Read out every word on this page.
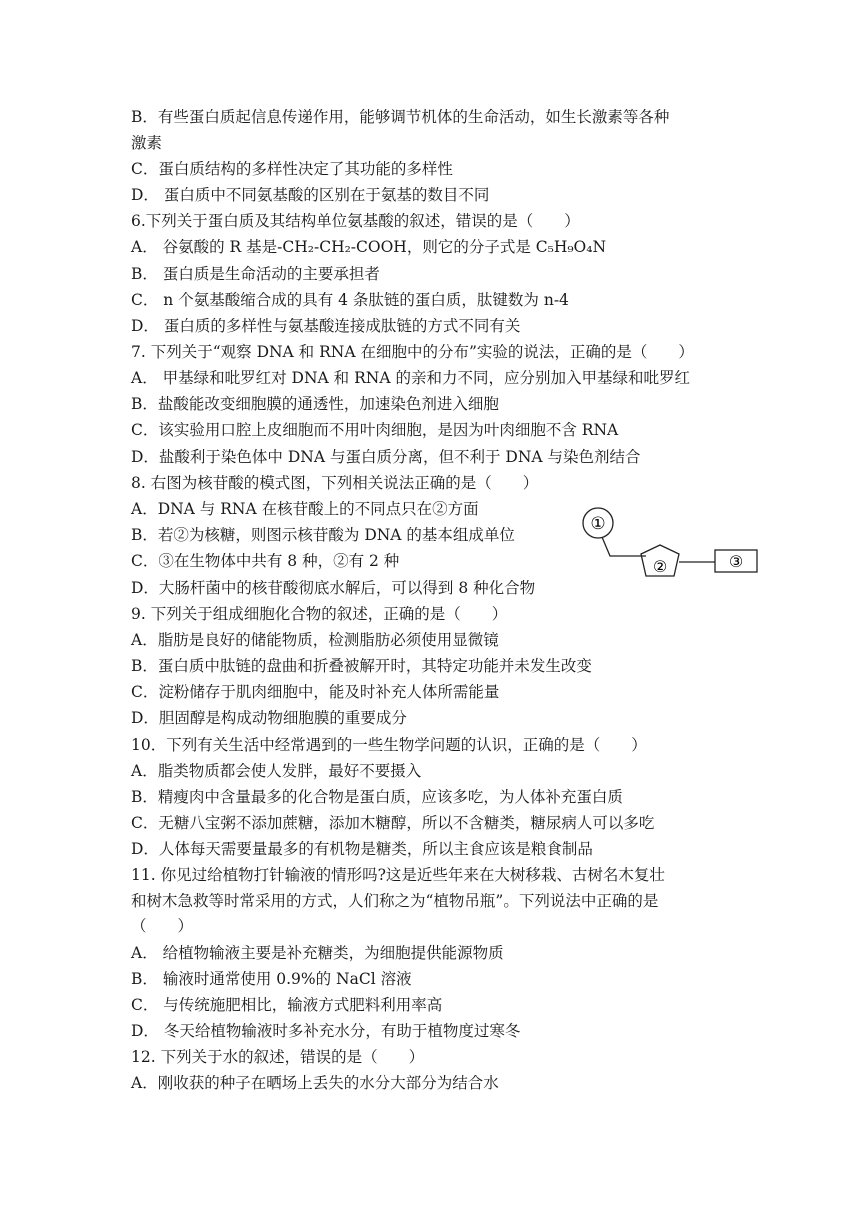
B．有些蛋白质起信息传递作用，能够调节机体的生命活动，如生长激素等各种
激素
C．蛋白质结构的多样性决定了其功能的多样性
D． 蛋白质中不同氨基酸的区别在于氨基的数目不同
6.下列关于蛋白质及其结构单位氨基酸的叙述，错误的是（　　）
A． 谷氨酸的 R 基是-CH₂-CH₂-COOH，则它的分子式是 C₅H₉O₄N
B． 蛋白质是生命活动的主要承担者
C． n 个氨基酸缩合成的具有 4 条肽链的蛋白质，肽键数为 n-4
D． 蛋白质的多样性与氨基酸连接成肽链的方式不同有关
7. 下列关于“观察 DNA 和 RNA 在细胞中的分布”实验的说法，正确的是（　　）
A． 甲基绿和吡罗红对 DNA 和 RNA 的亲和力不同，应分别加入甲基绿和吡罗红
B．盐酸能改变细胞膜的通透性，加速染色剂进入细胞
C．该实验用口腔上皮细胞而不用叶肉细胞，是因为叶肉细胞不含 RNA
D．盐酸利于染色体中 DNA 与蛋白质分离，但不利于 DNA 与染色剂结合
8. 右图为核苷酸的模式图，下列相关说法正确的是（　　）
A．DNA 与 RNA 在核苷酸上的不同点只在②方面
B．若②为核糖，则图示核苷酸为 DNA 的基本组成单位
C．③在生物体中共有 8 种，②有 2 种
D．大肠杆菌中的核苷酸彻底水解后，可以得到 8 种化合物
9. 下列关于组成细胞化合物的叙述，正确的是（　　）
A．脂肪是良好的储能物质，检测脂肪必须使用显微镜
B．蛋白质中肽链的盘曲和折叠被解开时，其特定功能并未发生改变
C．淀粉储存于肌肉细胞中，能及时补充人体所需能量
D．胆固醇是构成动物细胞膜的重要成分
10．下列有关生活中经常遇到的一些生物学问题的认识，正确的是（　　）
A．脂类物质都会使人发胖，最好不要摄入
B．精瘦肉中含量最多的化合物是蛋白质，应该多吃，为人体补充蛋白质
C．无糖八宝粥不添加蔗糖，添加木糖醇，所以不含糖类，糖尿病人可以多吃
D．人体每天需要量最多的有机物是糖类，所以主食应该是粮食制品
11. 你见过给植物打针输液的情形吗?这是近些年来在大树移栽、古树名木复壮
和树木急救等时常采用的方式，人们称之为“植物吊瓶”。下列说法中正确的是
（　　）
A． 给植物输液主要是补充糖类，为细胞提供能源物质
B． 输液时通常使用 0.9%的 NaCl 溶液
C． 与传统施肥相比，输液方式肥料利用率高
D． 冬天给植物输液时多补充水分，有助于植物度过寒冬
12. 下列关于水的叙述，错误的是（　　）
A．刚收获的种子在晒场上丢失的水分大部分为结合水
①
②	③
